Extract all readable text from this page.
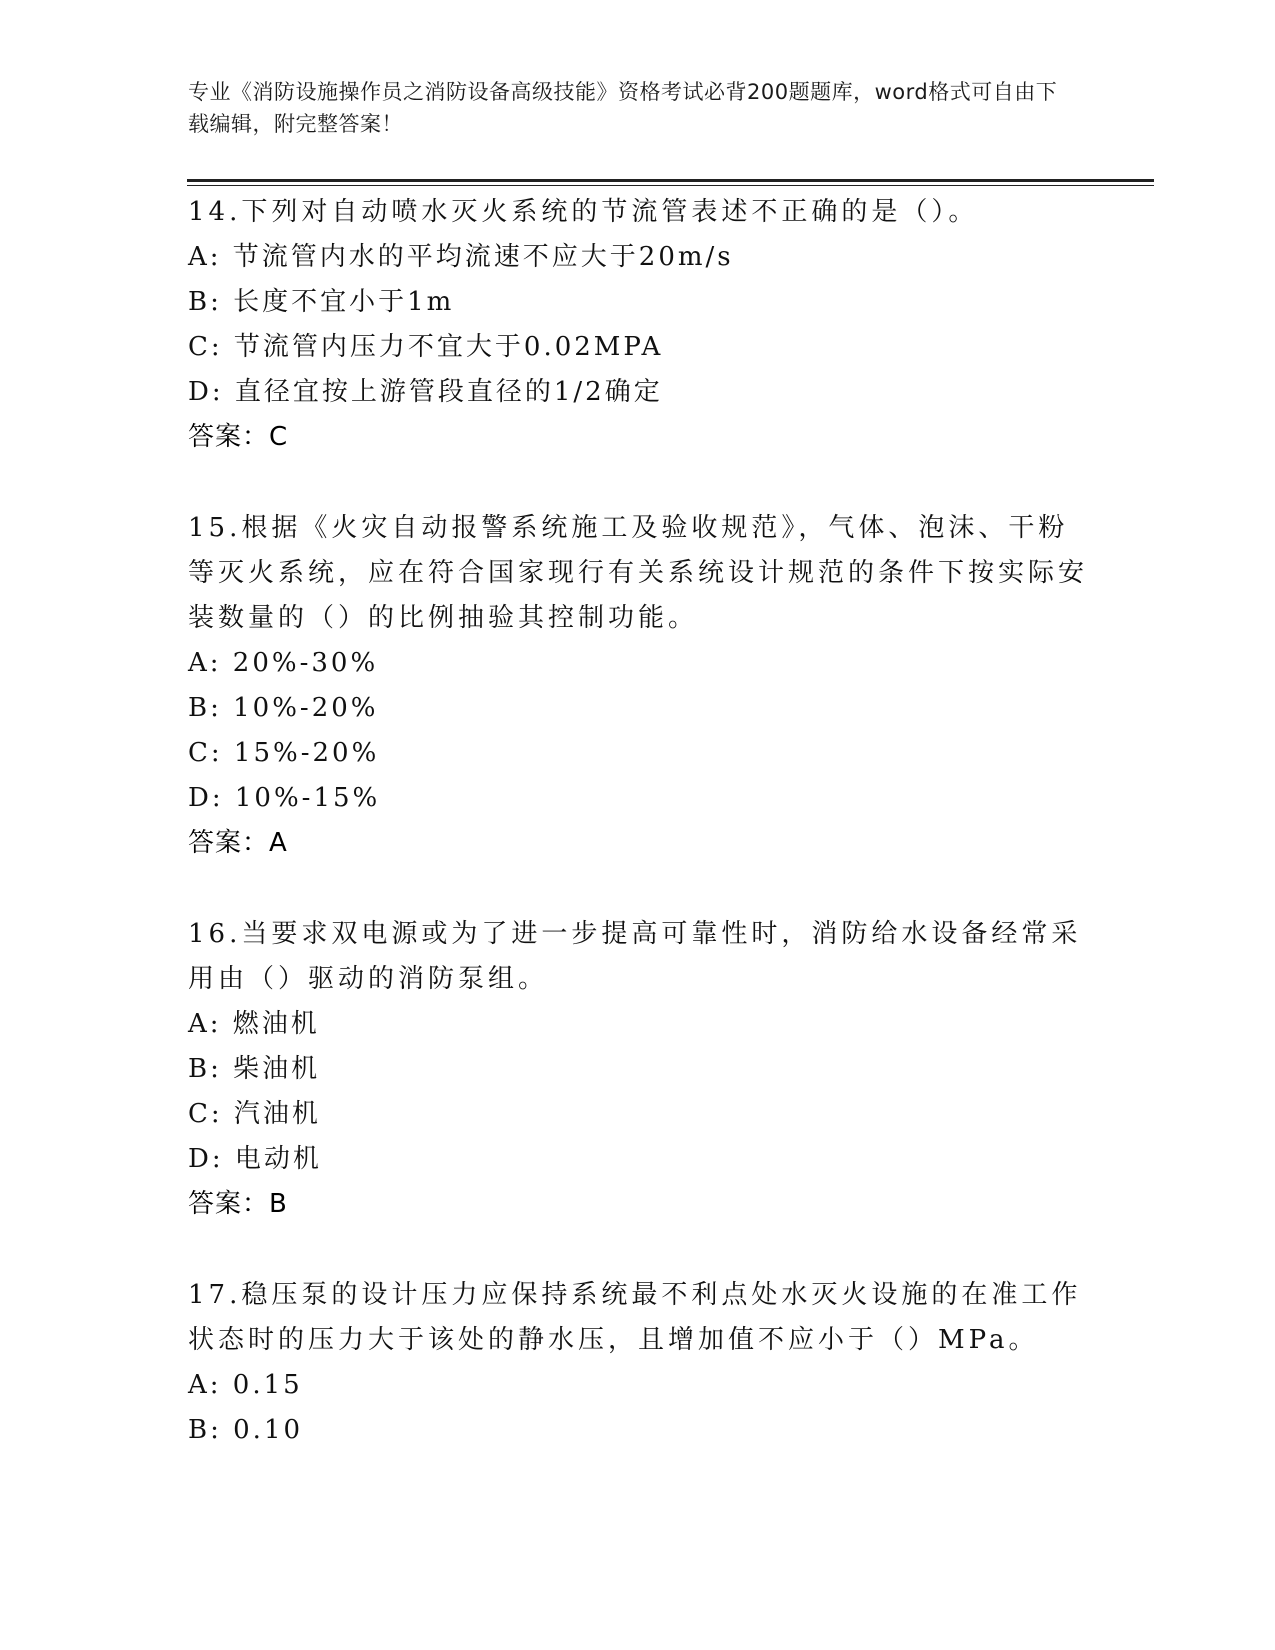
专业《消防设施操作员之消防设备高级技能》资格考试必背200题题库，word格式可自由下载编辑，附完整答案！
14.下列对自动喷水灭火系统的节流管表述不正确的是（）。
A: 节流管内水的平均流速不应大于20m/s
B: 长度不宜小于1m
C: 节流管内压力不宜大于0.02MPA
D: 直径宜按上游管段直径的1/2确定
答案：C
15.根据《火灾自动报警系统施工及验收规范》，气体、泡沫、干粉等灭火系统，应在符合国家现行有关系统设计规范的条件下按实际安装数量的（）的比例抽验其控制功能。
A: 20%-30%
B: 10%-20%
C: 15%-20%
D: 10%-15%
答案：A
16.当要求双电源或为了进一步提高可靠性时，消防给水设备经常采用由（）驱动的消防泵组。
A: 燃油机
B: 柴油机
C: 汽油机
D: 电动机
答案：B
17.稳压泵的设计压力应保持系统最不利点处水灭火设施的在准工作状态时的压力大于该处的静水压，且增加值不应小于（）MPa。
A: 0.15
B: 0.10
